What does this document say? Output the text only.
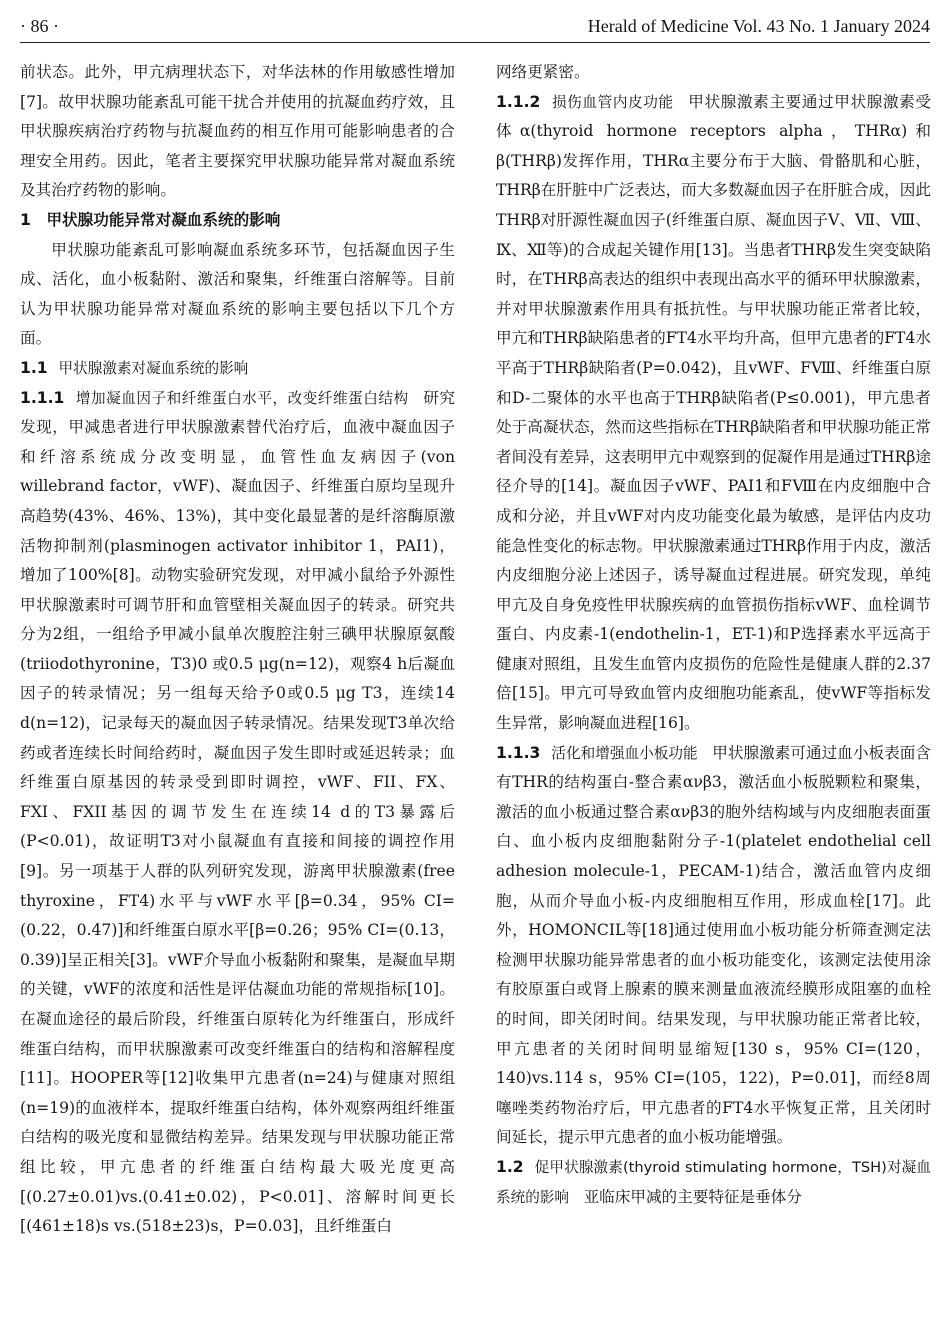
· 86 ·	Herald of Medicine Vol. 43 No. 1 January 2024

前状态。此外，甲亢病理状态下，对华法林的作用敏感性增加[7]。故甲状腺功能紊乱可能干扰合并使用的抗凝血药疗效，且甲状腺疾病治疗药物与抗凝血药的相互作用可能影响患者的合理安全用药。因此，笔者主要探究甲状腺功能异常对凝血系统及其治疗药物的影响。

1  甲状腺功能异常对凝血系统的影响

甲状腺功能紊乱可影响凝血系统多环节，包括凝血因子生成、活化，血小板黏附、激活和聚集，纤维蛋白溶解等。目前认为甲状腺功能异常对凝血系统的影响主要包括以下几个方面。

1.1 甲状腺激素对凝血系统的影响

1.1.1 增加凝血因子和纤维蛋白水平，改变纤维蛋白结构 研究发现，甲减患者进行甲状腺激素替代治疗后，血液中凝血因子和纤溶系统成分改变明显，血管性血友病因子(von willebrand factor，vWF)、凝血因子、纤维蛋白原均呈现升高趋势(43%、46%、13%)，其中变化最显著的是纤溶酶原激活物抑制剂(plasminogen activator inhibitor 1，PAI1)，增加了100%[8]。动物实验研究发现，对甲减小鼠给予外源性甲状腺激素时可调节肝和血管壁相关凝血因子的转录。研究共分为2组，一组给予甲减小鼠单次腹腔注射三碘甲状腺原氨酸(triiodothyronine，T3)0 或0.5 μg(n=12)，观察4 h后凝血因子的转录情况；另一组每天给予0或0.5 μg T3，连续14 d(n=12)，记录每天的凝血因子转录情况。结果发现T3单次给药或者连续长时间给药时，凝血因子发生即时或延迟转录；血纤维蛋白原基因的转录受到即时调控，vWF、FII、FX、FXI、FXII基因的调节发生在连续14 d的T3暴露后(P<0.01)，故证明T3对小鼠凝血有直接和间接的调控作用[9]。另一项基于人群的队列研究发现，游离甲状腺激素(free thyroxine，FT4)水平与vWF水平[β=0.34，95% CI=(0.22，0.47)]和纤维蛋白原水平[β=0.26；95% CI=(0.13，0.39)]呈正相关[3]。vWF介导血小板黏附和聚集，是凝血早期的关键，vWF的浓度和活性是评估凝血功能的常规指标[10]。在凝血途径的最后阶段，纤维蛋白原转化为纤维蛋白，形成纤维蛋白结构，而甲状腺激素可改变纤维蛋白的结构和溶解程度[11]。HOOPER等[12]收集甲亢患者(n=24)与健康对照组(n=19)的血液样本，提取纤维蛋白结构，体外观察两组纤维蛋白结构的吸光度和显微结构差异。结果发现与甲状腺功能正常组比较，甲亢患者的纤维蛋白结构最大吸光度更高[(0.27±0.01)vs.(0.41±0.02)，P<0.01]、溶解时间更长[(461±18)s vs.(518±23)s，P=0.03]，且纤维蛋白

网络更紧密。

1.1.2 损伤血管内皮功能 甲状腺激素主要通过甲状腺激素受体α(thyroid hormone receptors alpha，THRα)和β(THRβ)发挥作用，THRα主要分布于大脑、骨骼肌和心脏，THRβ在肝脏中广泛表达，而大多数凝血因子在肝脏合成，因此THRβ对肝源性凝血因子(纤维蛋白原、凝血因子Ⅴ、Ⅶ、Ⅷ、Ⅸ、Ⅻ等)的合成起关键作用[13]。当患者THRβ发生突变缺陷时，在THRβ高表达的组织中表现出高水平的循环甲状腺激素，并对甲状腺激素作用具有抵抗性。与甲状腺功能正常者比较，甲亢和THRβ缺陷患者的FT4水平均升高，但甲亢患者的FT4水平高于THRβ缺陷者(P=0.042)，且vWF、FⅧ、纤维蛋白原和D-二聚体的水平也高于THRβ缺陷者(P≤0.001)，甲亢患者处于高凝状态，然而这些指标在THRβ缺陷者和甲状腺功能正常者间没有差异，这表明甲亢中观察到的促凝作用是通过THRβ途径介导的[14]。凝血因子vWF、PAI1和FⅧ在内皮细胞中合成和分泌，并且vWF对内皮功能变化最为敏感，是评估内皮功能急性变化的标志物。甲状腺激素通过THRβ作用于内皮，激活内皮细胞分泌上述因子，诱导凝血过程进展。研究发现，单纯甲亢及自身免疫性甲状腺疾病的血管损伤指标vWF、血栓调节蛋白、内皮素-1(endothelin-1，ET-1)和P选择素水平远高于健康对照组，且发生血管内皮损伤的危险性是健康人群的2.37倍[15]。甲亢可导致血管内皮细胞功能紊乱，使vWF等指标发生异常，影响凝血进程[16]。

1.1.3 活化和增强血小板功能 甲状腺激素可通过血小板表面含有THR的结构蛋白-整合素ανβ3，激活血小板脱颗粒和聚集，激活的血小板通过整合素ανβ3的胞外结构域与内皮细胞表面蛋白、血小板内皮细胞黏附分子-1(platelet endothelial cell adhesion molecule-1，PECAM-1)结合，激活血管内皮细胞，从而介导血小板-内皮细胞相互作用，形成血栓[17]。此外，HOMONCIL等[18]通过使用血小板功能分析筛查测定法检测甲状腺功能异常患者的血小板功能变化，该测定法使用涂有胶原蛋白或肾上腺素的膜来测量血液流经膜形成阻塞的血栓的时间，即关闭时间。结果发现，与甲状腺功能正常者比较，甲亢患者的关闭时间明显缩短[130 s，95% CI=(120，140)vs.114 s，95% CI=(105，122)，P=0.01]，而经8周噻唑类药物治疗后，甲亢患者的FT4水平恢复正常，且关闭时间延长，提示甲亢患者的血小板功能增强。

1.2 促甲状腺激素(thyroid stimulating hormone，TSH)对凝血系统的影响 亚临床甲减的主要特征是垂体分
